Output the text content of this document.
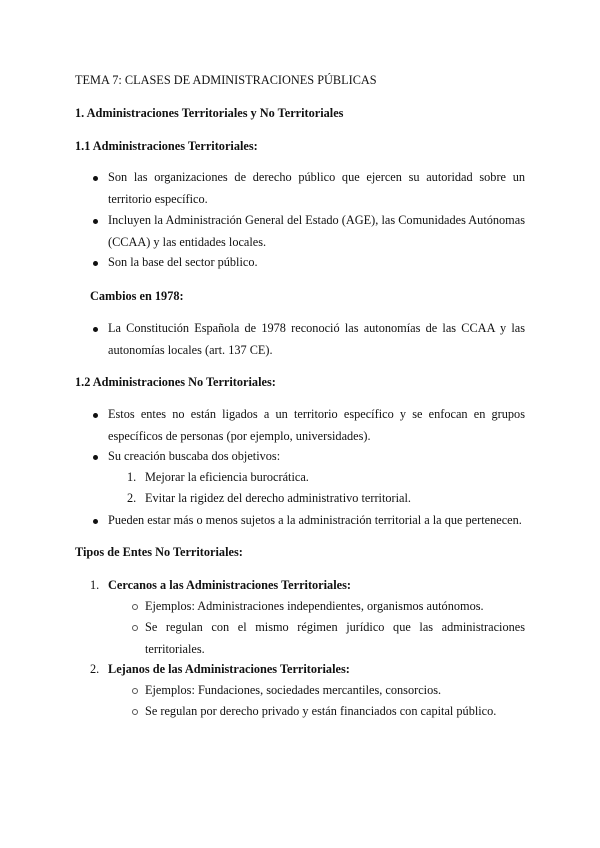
TEMA 7: CLASES DE ADMINISTRACIONES PÚBLICAS
1. Administraciones Territoriales y No Territoriales
1.1 Administraciones Territoriales:
Son las organizaciones de derecho público que ejercen su autoridad sobre un territorio específico.
Incluyen la Administración General del Estado (AGE), las Comunidades Autónomas (CCAA) y las entidades locales.
Son la base del sector público.
Cambios en 1978:
La Constitución Española de 1978 reconoció las autonomías de las CCAA y las autonomías locales (art. 137 CE).
1.2 Administraciones No Territoriales:
Estos entes no están ligados a un territorio específico y se enfocan en grupos específicos de personas (por ejemplo, universidades).
Su creación buscaba dos objetivos:
1. Mejorar la eficiencia burocrática.
2. Evitar la rigidez del derecho administrativo territorial.
Pueden estar más o menos sujetos a la administración territorial a la que pertenecen.
Tipos de Entes No Territoriales:
1. Cercanos a las Administraciones Territoriales:
Ejemplos: Administraciones independientes, organismos autónomos.
Se regulan con el mismo régimen jurídico que las administraciones territoriales.
2. Lejanos de las Administraciones Territoriales:
Ejemplos: Fundaciones, sociedades mercantiles, consorcios.
Se regulan por derecho privado y están financiados con capital público.
